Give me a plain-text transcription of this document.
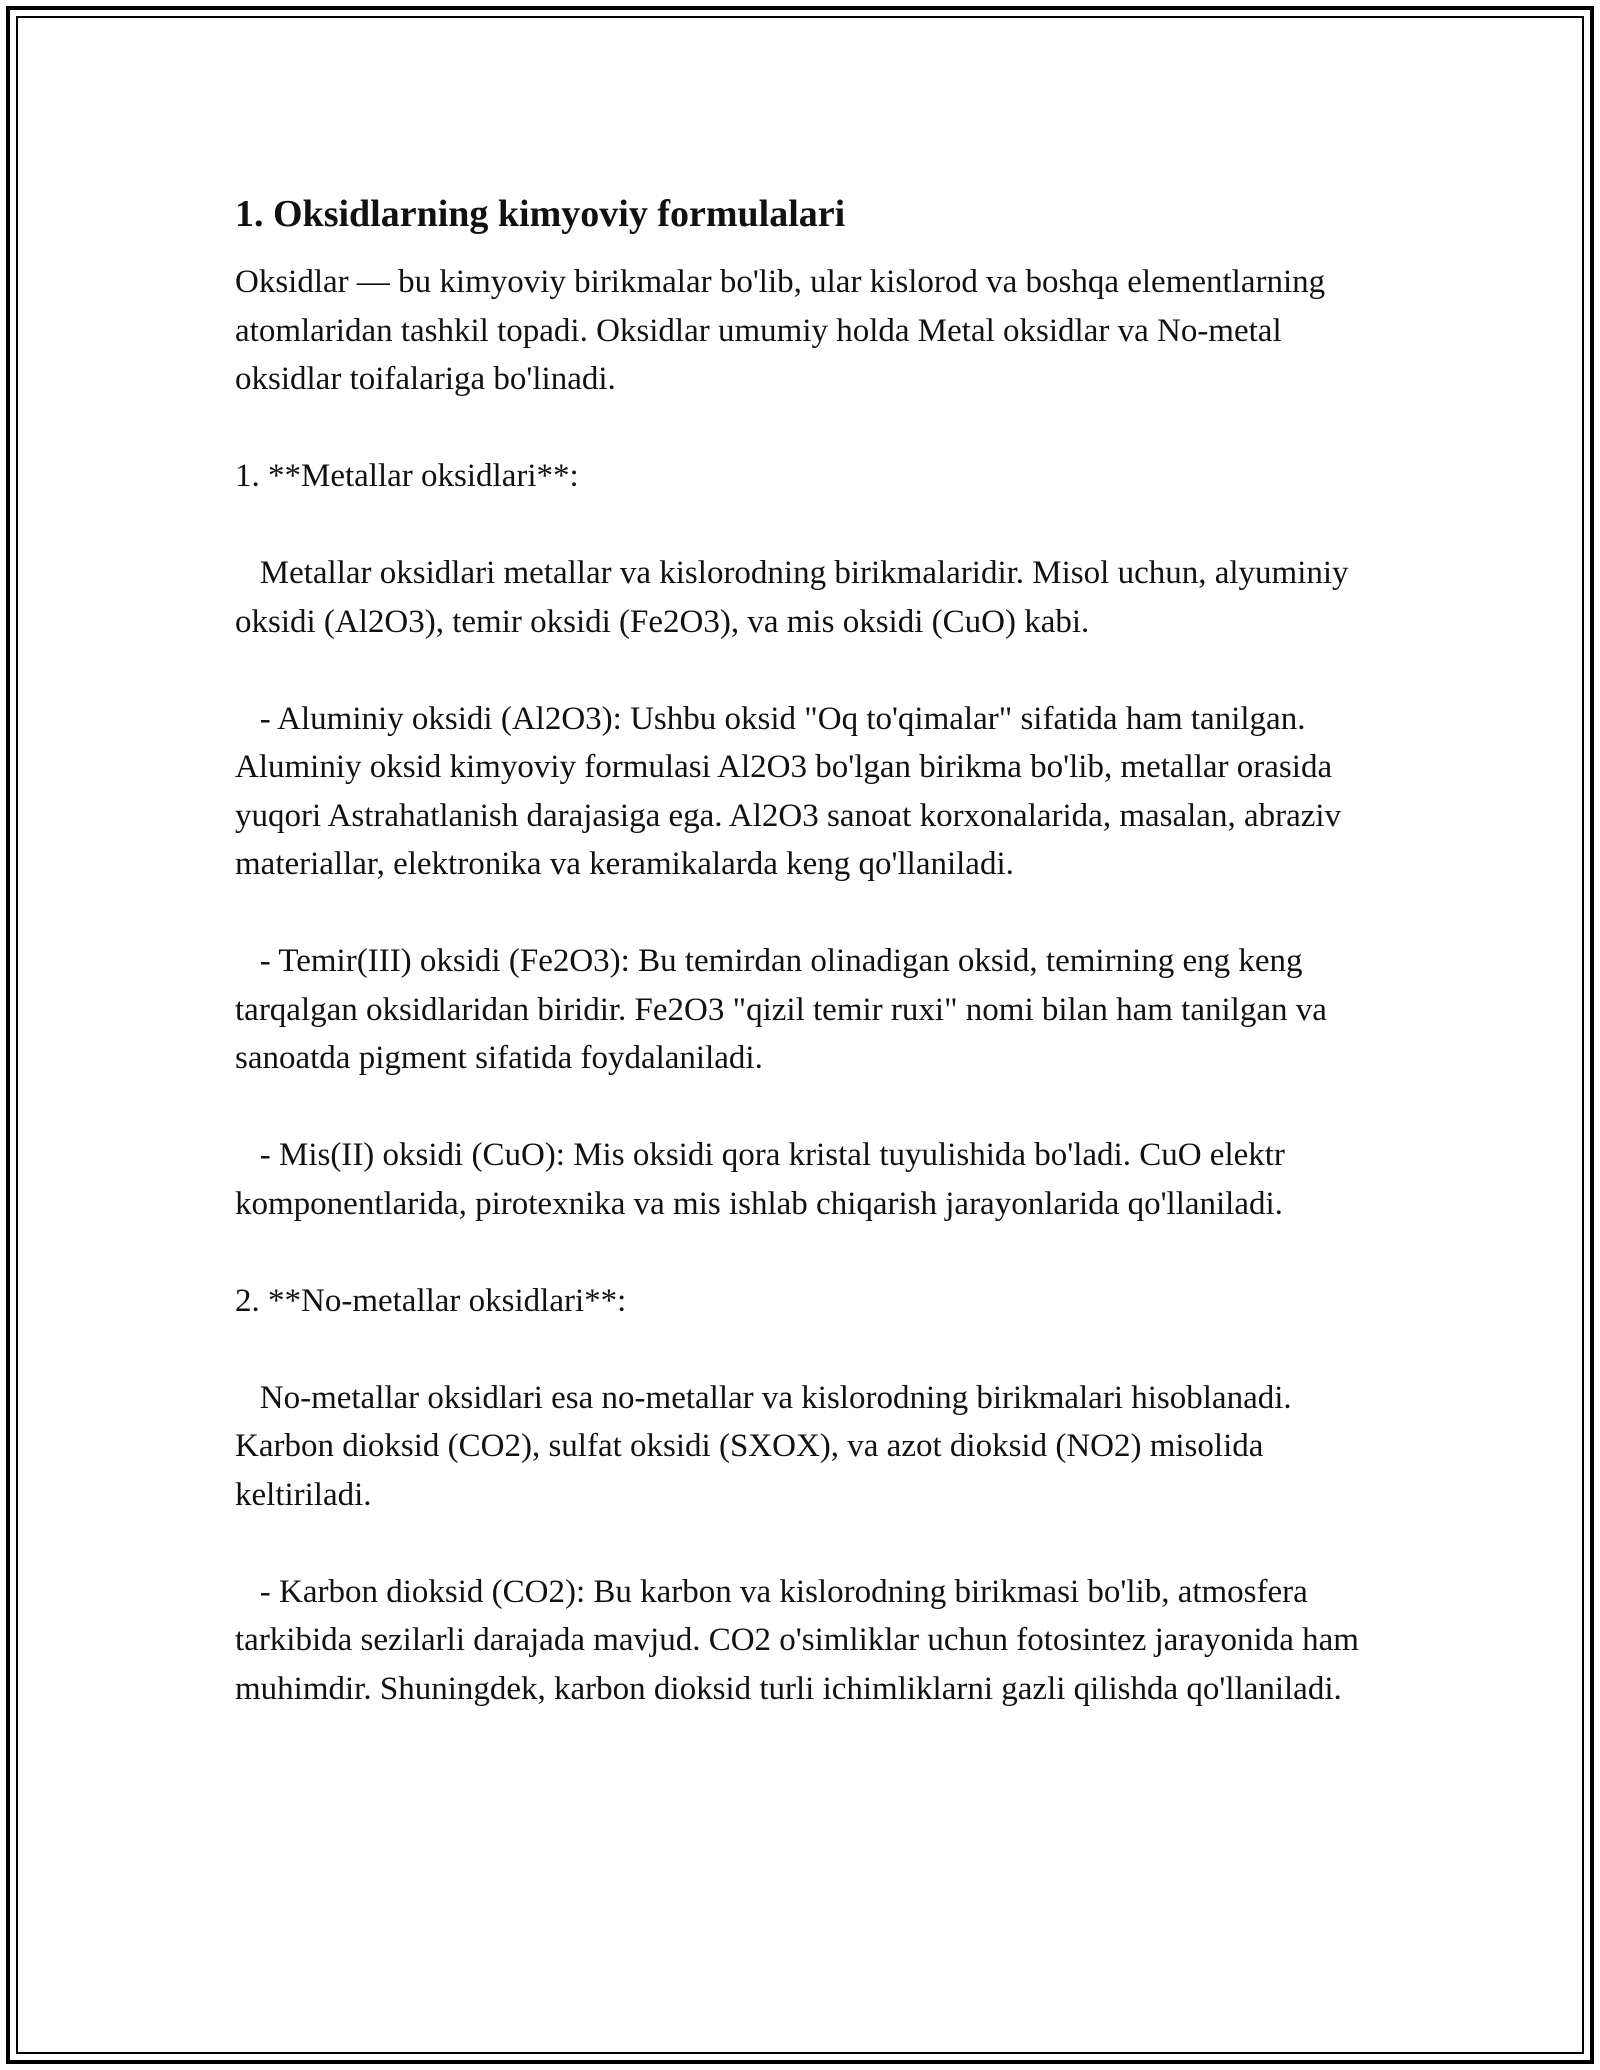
1. Oksidlarning kimyoviy formulalari

Oksidlar — bu kimyoviy birikmalar bo'lib, ular kislorod va boshqa elementlarning atomlaridan tashkil topadi. Oksidlar umumiy holda Metal oksidlar va No-metal oksidlar toifalariga bo'linadi.

1. **Metallar oksidlari**:

Metallar oksidlari metallar va kislorodning birikmalaridir. Misol uchun, alyuminiy oksidi (Al2O3), temir oksidi (Fe2O3), va mis oksidi (CuO) kabi.

- Aluminiy oksidi (Al2O3): Ushbu oksid "Oq to'qimalar" sifatida ham tanilgan. Aluminiy oksid kimyoviy formulasi Al2O3 bo'lgan birikma bo'lib, metallar orasida yuqori Astrahatlanish darajasiga ega. Al2O3 sanoat korxonalarida, masalan, abraziv materiallar, elektronika va keramikalarda keng qo'llaniladi.

- Temir(III) oksidi (Fe2O3): Bu temirdan olinadigan oksid, temirning eng keng tarqalgan oksidlaridan biridir. Fe2O3 "qizil temir ruxi" nomi bilan ham tanilgan va sanoatda pigment sifatida foydalaniladi.

- Mis(II) oksidi (CuO): Mis oksidi qora kristal tuyulishida bo'ladi. CuO elektr komponentlarida, pirotexnika va mis ishlab chiqarish jarayonlarida qo'llaniladi.

2. **No-metallar oksidlari**:

No-metallar oksidlari esa no-metallar va kislorodning birikmalari hisoblanadi. Karbon dioksid (CO2), sulfat oksidi (SXOX), va azot dioksid (NO2) misolida keltiriladi.

- Karbon dioksid (CO2): Bu karbon va kislorodning birikmasi bo'lib, atmosfera tarkibida sezilarli darajada mavjud. CO2 o'simliklar uchun fotosintez jarayonida ham muhimdir. Shuningdek, karbon dioksid turli ichimliklarni gazli qilishda qo'llaniladi.
